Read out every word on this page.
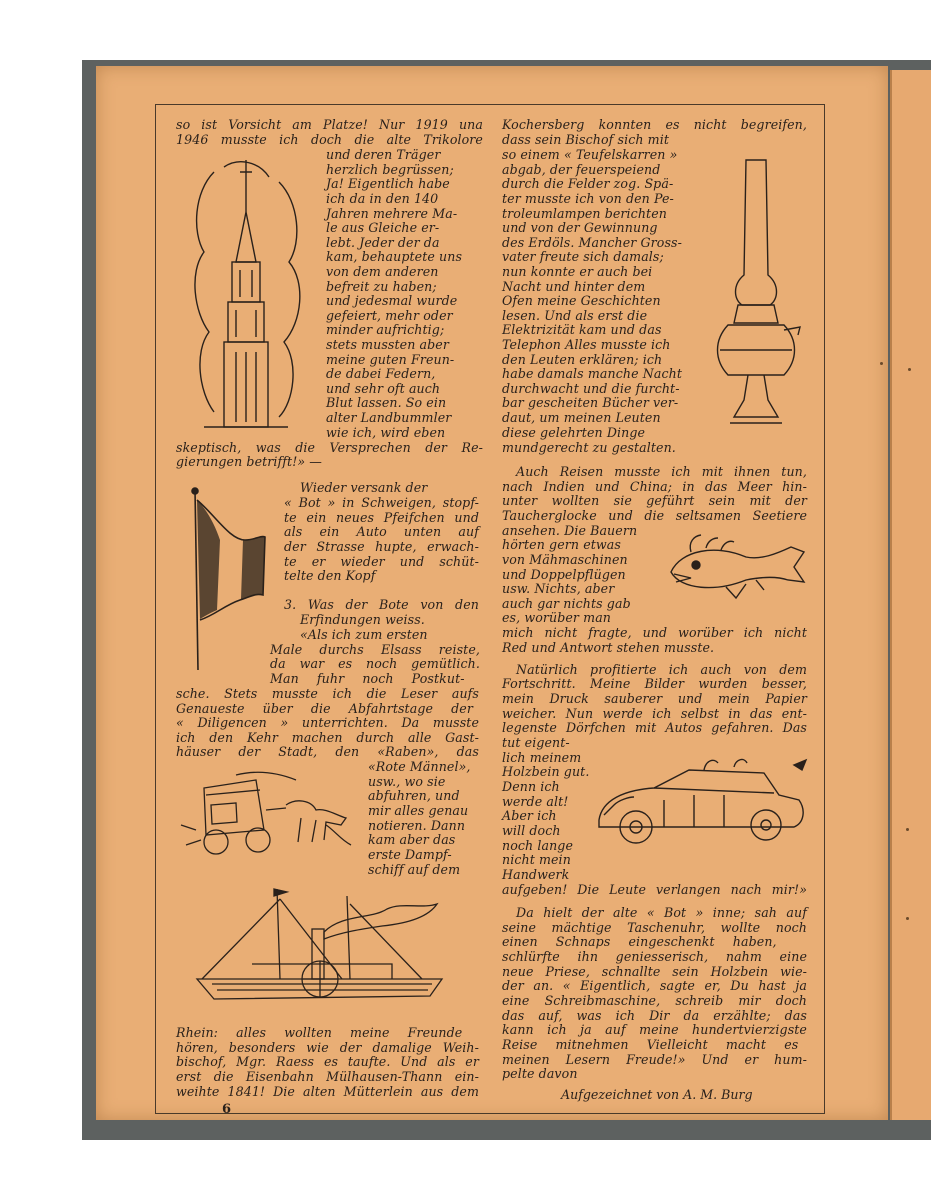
so ist Vorsicht am Platze! Nur 1919 una
1946 musste ich doch die alte Trikolore
und deren Träger
herzlich begrüssen;
Ja! Eigentlich habe
ich da in den 140
Jahren mehrere Ma-
le aus Gleiche er-
lebt. Jeder der da
kam, behauptete uns
von dem anderen
befreit zu haben;
und jedesmal wurde
gefeiert, mehr oder
minder aufrichtig;
stets mussten aber
meine guten Freun-
de dabei Federn,
und sehr oft auch
Blut lassen. So ein
alter Landbummler
wie ich, wird eben
skeptisch, was die Versprechen der Re-
gierungen betrifft!» —
Wieder versank der
« Bot » in Schweigen, stopf-
te ein neues Pfeifchen und
als ein Auto unten auf
der Strasse hupte, erwach-
te er wieder und schüt-
telte den Kopf
3. Was der Bote von den
Erfindungen weiss.
«Als ich zum ersten
Male durchs Elsass reiste,
da war es noch gemütlich.
Man fuhr noch Postkut-
sche. Stets musste ich die Leser aufs
Genaueste über die Abfahrtstage der
« Diligencen » unterrichten. Da musste
ich den Kehr machen durch alle Gast-
häuser der Stadt, den «Raben», das
«Rote Männel»,
usw., wo sie
abfuhren, und
mir alles genau
notieren. Dann
kam aber das
erste Dampf-
schiff auf dem
Rhein: alles wollten meine Freunde
hören, besonders wie der damalige Weih-
bischof, Mgr. Raess es taufte. Und als er
erst die Eisenbahn Mülhausen-Thann ein-
weihte 1841! Die alten Mütterlein aus dem
Kochersberg konnten es nicht begreifen,
dass sein Bischof sich mit
so einem « Teufelskarren »
abgab, der feuerspeiend
durch die Felder zog. Spä-
ter musste ich von den Pe-
troleumlampen berichten
und von der Gewinnung
des Erdöls. Mancher Gross-
vater freute sich damals;
nun konnte er auch bei
Nacht und hinter dem
Ofen meine Geschichten
lesen. Und als erst die
Elektrizität kam und das
Telephon Alles musste ich
den Leuten erklären; ich
habe damals manche Nacht
durchwacht und die furcht-
bar gescheiten Bücher ver-
daut, um meinen Leuten
diese gelehrten Dinge
mundgerecht zu gestalten.
Auch Reisen musste ich mit ihnen tun,
nach Indien und China; in das Meer hin-
unter wollten sie geführt sein mit der
Taucherglocke und die seltsamen Seetiere
ansehen. Die Bauern
hörten gern etwas
von Mähmaschinen
und Doppelpflügen
usw. Nichts, aber
auch gar nichts gab
es, worüber man
mich nicht fragte, und worüber ich nicht
Red und Antwort stehen musste.
Natürlich profitierte ich auch von dem
Fortschritt. Meine Bilder wurden besser,
mein Druck sauberer und mein Papier
weicher. Nun werde ich selbst in das ent-
legenste Dörfchen mit Autos gefahren. Das
tut eigent-
lich meinem
Holzbein gut.
Denn ich
werde alt!
Aber ich
will doch
noch lange
nicht mein
Handwerk
aufgeben! Die Leute verlangen nach mir!»
Da hielt der alte « Bot » inne; sah auf
seine mächtige Taschenuhr, wollte noch
einen Schnaps eingeschenkt haben,
schlürfte ihn geniesserisch, nahm eine
neue Priese, schnallte sein Holzbein wie-
der an. « Eigentlich, sagte er, Du hast ja
eine Schreibmaschine, schreib mir doch
das auf, was ich Dir da erzählte; das
kann ich ja auf meine hundertvierzigste
Reise mitnehmen Vielleicht macht es
meinen Lesern Freude!» Und er hum-
pelte davon
Aufgezeichnet von A. M. Burg
6
